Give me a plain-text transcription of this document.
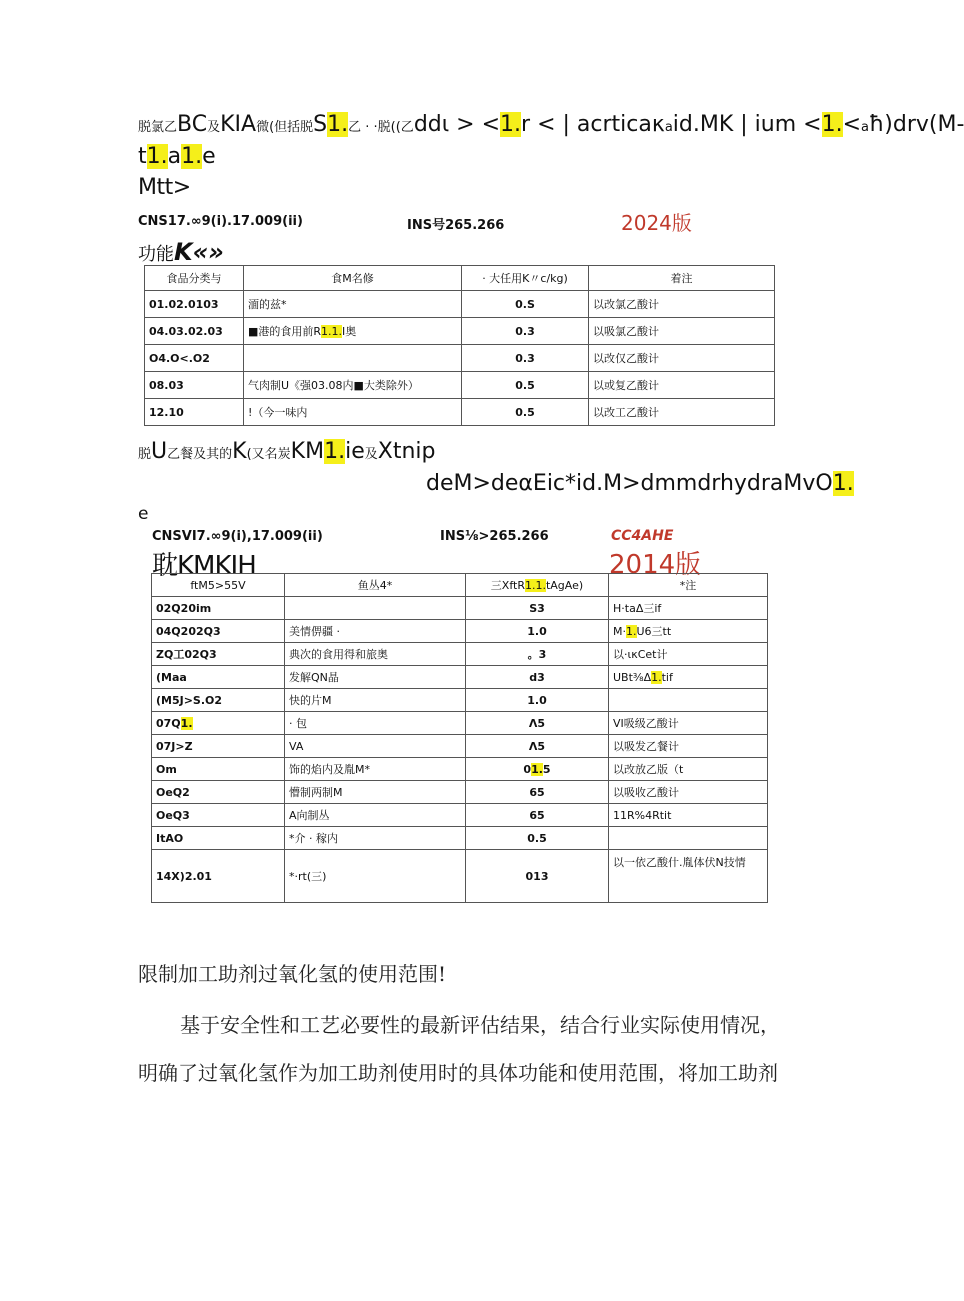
脱氯乙BC及KIA微(但括脱S1.乙 · ·脱((乙ddι > <1.r < | acrticaκaid.MK | ium <1.<aħ)drv(M-
t1.a1.e
Mtt>
CNS17.∞9(i).17.009(ii)	INS号265.266	2024版
功能K«»
食品分类与	食M名修	· 大任用K〃c/kg)	着注
01.02.0103	湎的兹*	0.S	以改氯乙酸计
04.03.02.03	■港的食用前R1.1.I奥	0.3	以吸氯乙酸计
O4.O<.O2		0.3	以改仅乙酸计
08.03	气肉制U《强03.08内■大类除外）	0.5	以或复乙酸计
12.10	!（今一味内	0.5	以改工乙酸计
脱U乙餐及其的K(又名炭KM1.ie及Xtnip
deM>deαEic*id.M>dmmdrhydraMvO1.
e
CNSVI7.∞9(i),17.009(ii)	INS⅛>265.266	CC4AHE
耽KMKIH	2014版
ftM5>55V	鱼丛4*	三XftR1.1.tAgAe)	*注
02Q20im		S3	H·taΔ三if
04Q202Q3	美情㑭疆 ·	1.0	M·1.U6三tt
ZQ工02Q3	典次的食用得和旅奥	。3	以·ικCet计
(Maa	发解QN晶	d3	UBt⅜Δ1.tif
(M5J>S.O2	快的片M	1.0	
07Q1.	· 包	Λ5	VI吸级乙酸计
07J>Z	VA	Λ5	以吸发乙餐计
Om	饰的焰内及胤M*	01.5	以改放乙版（t
OeQ2	懵制两制M	65	以吸收乙酸计
OeQ3	A向制丛	65	11R%4Rtit
ItAO	*介 · 稼内	0.5	
14X)2.01	*·rt(三)	013	以一依乙酸什.胤体伏N技情
限制加工助剂过氧化氢的使用范围!
基于安全性和工艺必要性的最新评估结果，结合行业实际使用情况，
明确了过氧化氢作为加工助剂使用时的具体功能和使用范围，将加工助剂
